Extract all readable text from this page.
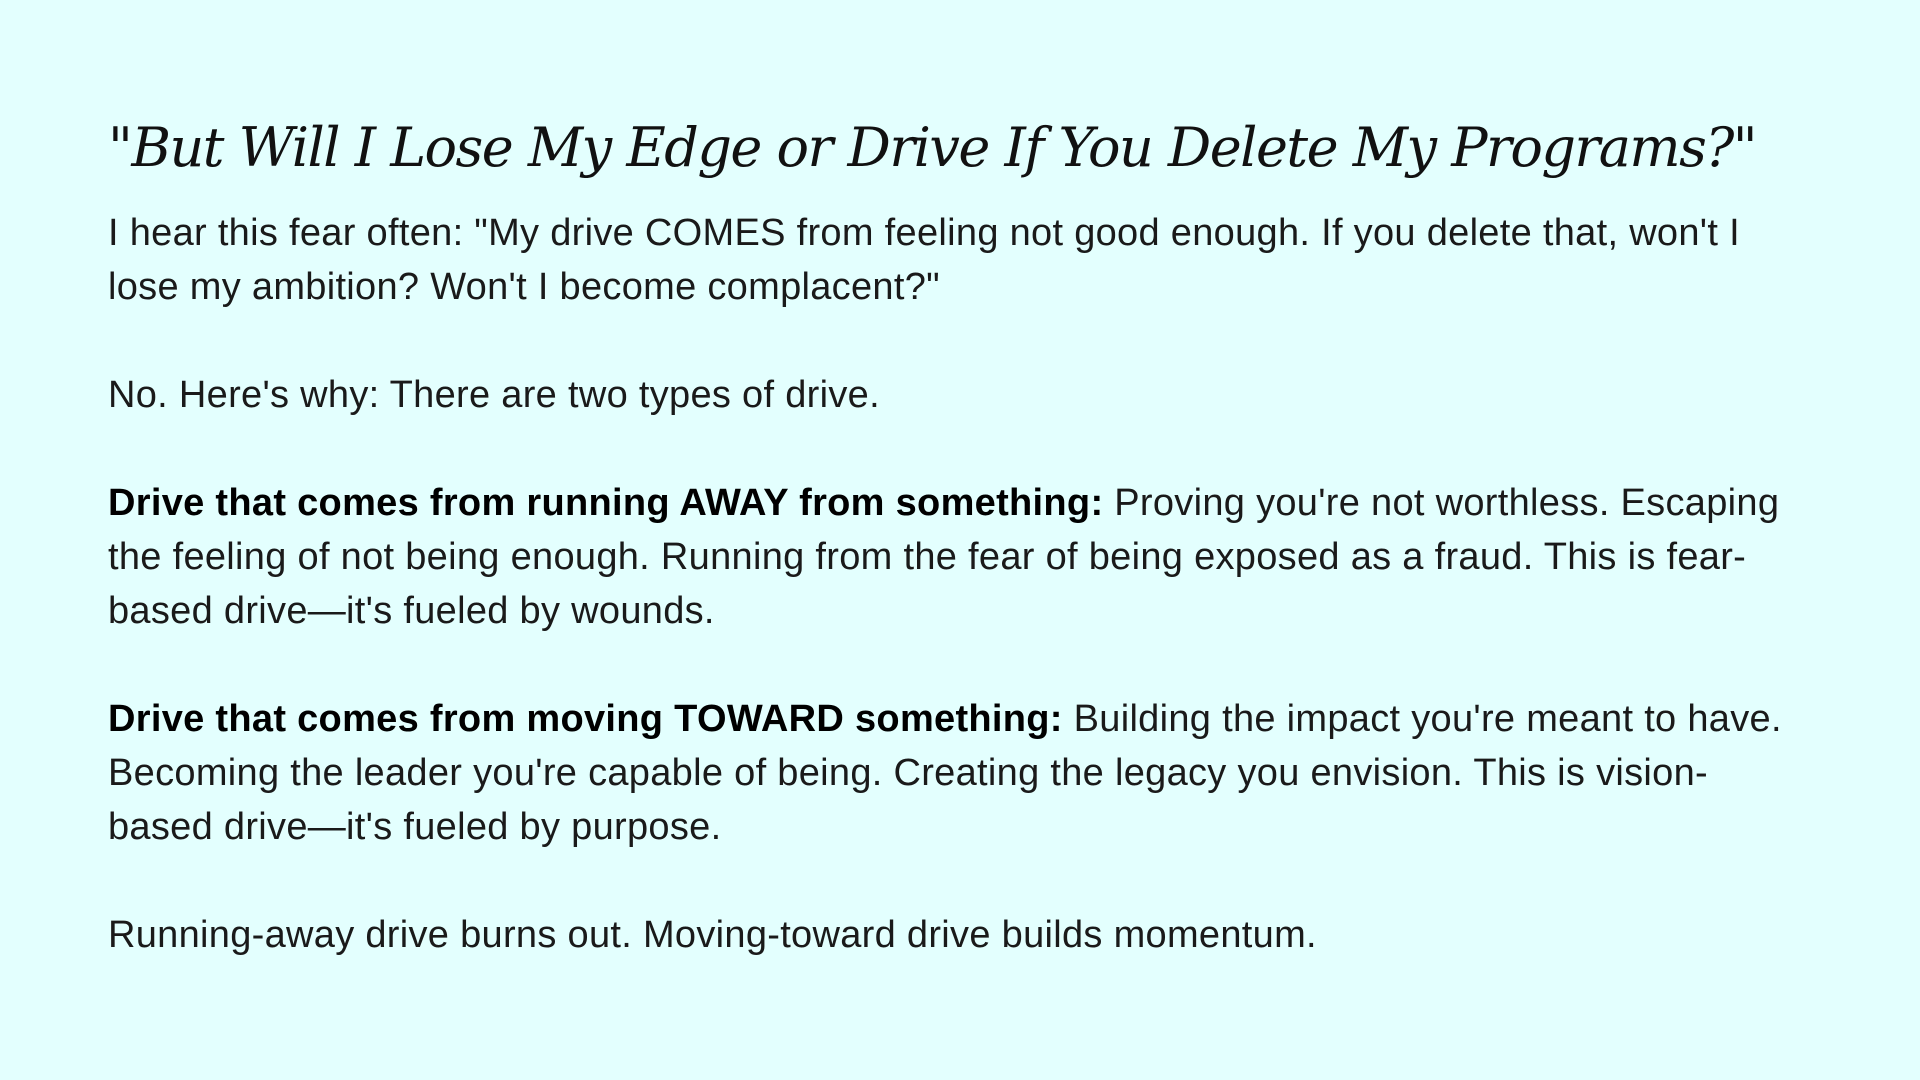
"But Will I Lose My Edge or Drive If You Delete My Programs?"

I hear this fear often: "My drive COMES from feeling not good enough. If you delete that, won't I lose my ambition? Won't I become complacent?"

No. Here's why: There are two types of drive.

Drive that comes from running AWAY from something: Proving you're not worthless. Escaping the feeling of not being enough. Running from the fear of being exposed as a fraud. This is fear-based drive—it's fueled by wounds.

Drive that comes from moving TOWARD something: Building the impact you're meant to have. Becoming the leader you're capable of being. Creating the legacy you envision. This is vision-based drive—it's fueled by purpose.

Running-away drive burns out. Moving-toward drive builds momentum.
